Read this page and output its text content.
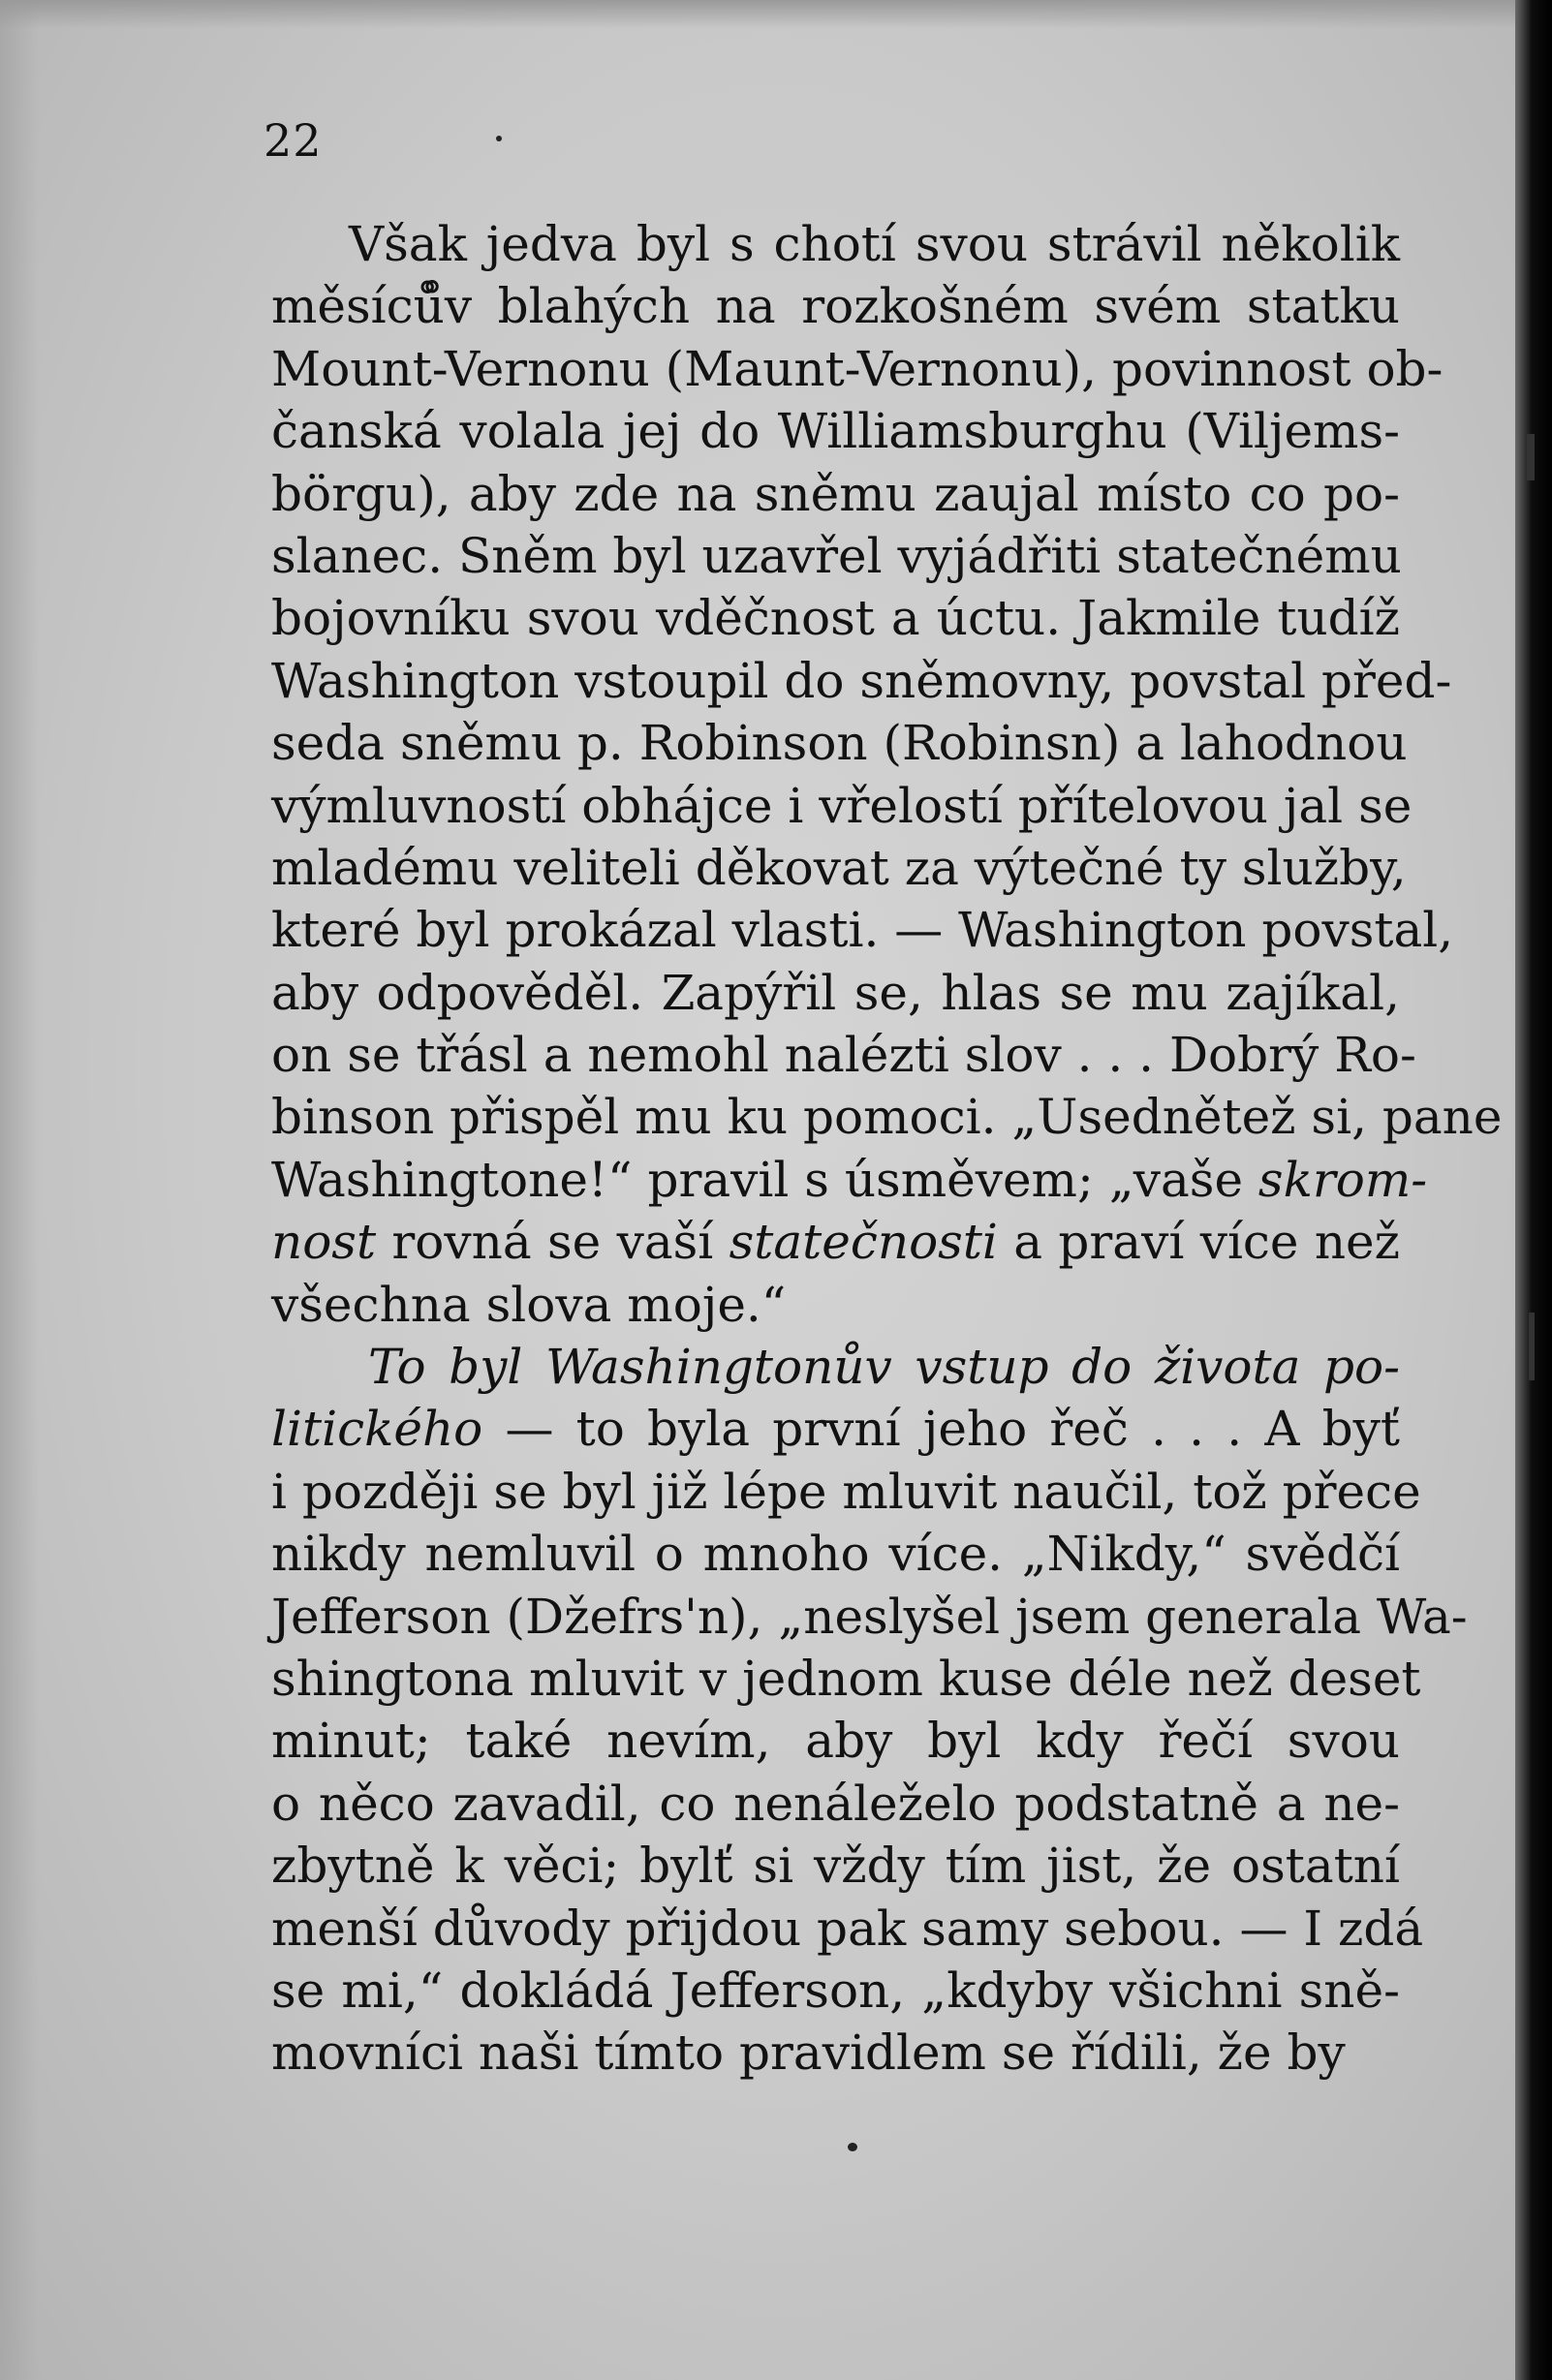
22
Však jedva byl s chotí svou strávil několik
měsíců̊v blahých na rozkošném svém statku
Mount-Vernonu (Maunt-Vernonu), povinnost ob-
čanská volala jej do Williamsburghu (Viljems-
börgu), aby zde na sněmu zaujal místo co po-
slanec. Sněm byl uzavřel vyjádřiti statečnému
bojovníku svou vděčnost a úctu. Jakmile tudíž
Washington vstoupil do sněmovny, povstal před-
seda sněmu p. Robinson (Robinsn) a lahodnou
výmluvností obhájce i vřelostí přítelovou jal se
mladému veliteli děkovat za výtečné ty služby,
které byl prokázal vlasti. — Washington povstal,
aby odpověděl. Zapýřil se, hlas se mu zajíkal,
on se třásl a nemohl nalézti slov . . . Dobrý Ro-
binson přispěl mu ku pomoci. „Usednětež si, pane
Washingtone!“ pravil s úsměvem; „vaše skrom-
nost rovná se vaší statečnosti a praví více než
všechna slova moje.“
To byl Washingtonův vstup do života po-
litického — to byla první jeho řeč . . . A byť
i později se byl již lépe mluvit naučil, tož přece
nikdy nemluvil o mnoho více. „Nikdy,“ svědčí
Jefferson (Džefrs'n), „neslyšel jsem generala Wa-
shingtona mluvit v jednom kuse déle než deset
minut; také nevím, aby byl kdy řečí svou
o něco zavadil, co nenáleželo podstatně a ne-
zbytně k věci; bylť si vždy tím jist, že ostatní
menší důvody přijdou pak samy sebou. — I zdá
se mi,“ dokládá Jefferson, „kdyby všichni sně-
movníci naši tímto pravidlem se řídili, že by
